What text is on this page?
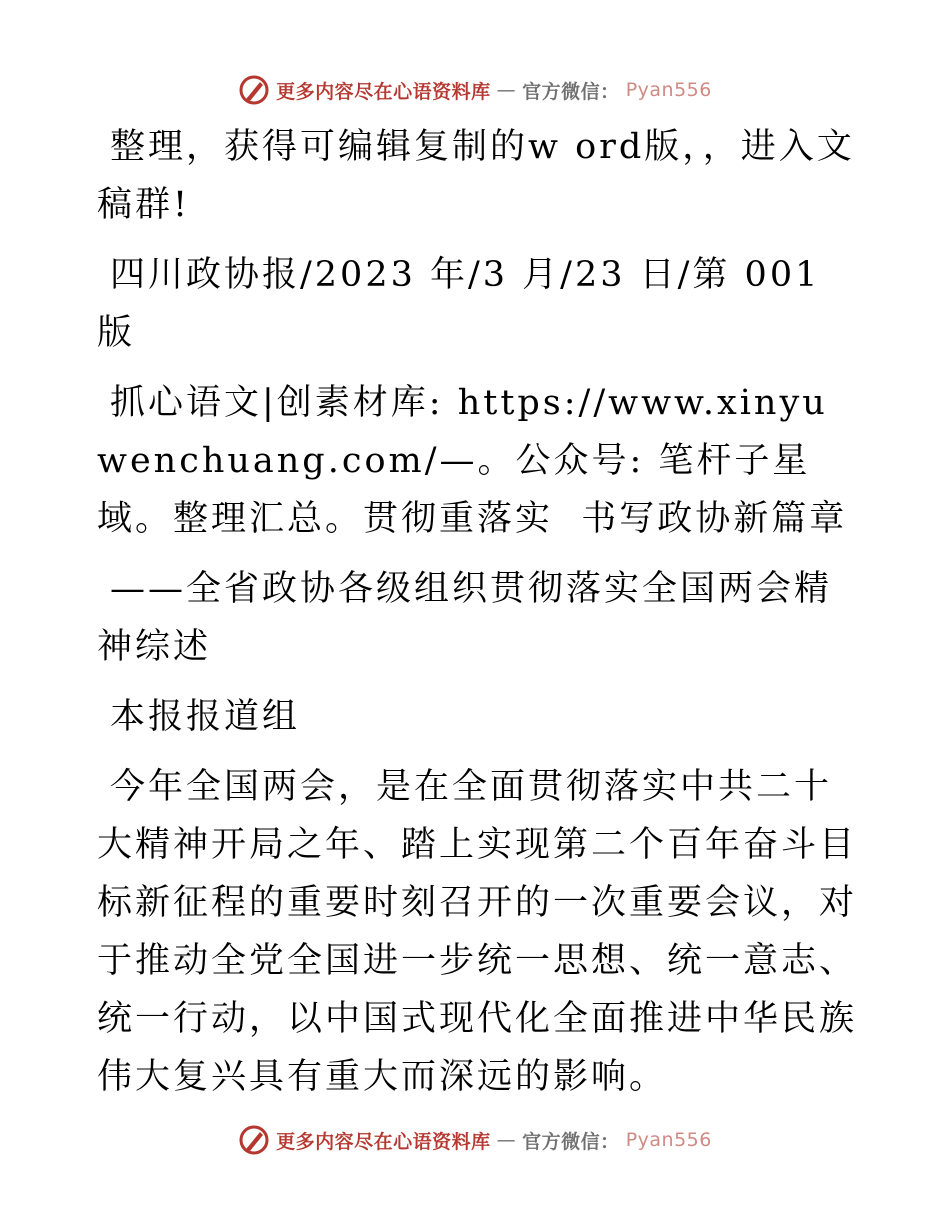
更多内容尽在心语资料库 — 官方微信： Pyan556

整理，获得可编辑复制的w ord版，，进入文稿群!

四川政协报/2023 年/3 月/23 日/第 001 版

抓心语文|创素材库: https://www.xinyuwenchuang.com/—。公众号: 笔杆子星域。整理汇总。贯彻重落实  书写政协新篇章

——全省政协各级组织贯彻落实全国两会精神综述

本报报道组

今年全国两会，是在全面贯彻落实中共二十大精神开局之年、踏上实现第二个百年奋斗目标新征程的重要时刻召开的一次重要会议，对于推动全党全国进一步统一思想、统一意志、统一行动，以中国式现代化全面推进中华民族伟大复兴具有重大而深远的影响。

更多内容尽在心语资料库 — 官方微信： Pyan556
